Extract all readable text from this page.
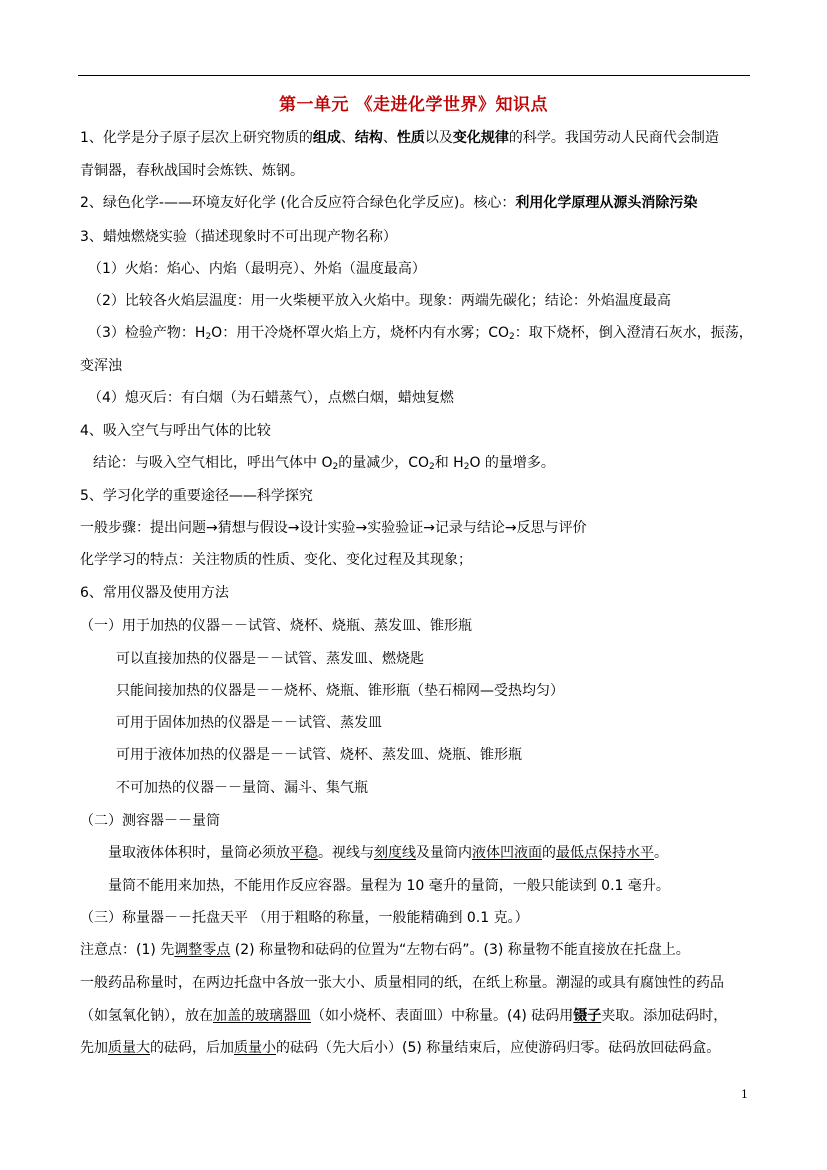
第一单元 《走进化学世界》知识点
1、化学是分子原子层次上研究物质的组成、结构、性质以及变化规律的科学。我国劳动人民商代会制造
青铜器，春秋战国时会炼铁、炼钢。
2、绿色化学-——环境友好化学 (化合反应符合绿色化学反应)。核心：利用化学原理从源头消除污染
3、蜡烛燃烧实验（描述现象时不可出现产物名称）
（1）火焰：焰心、内焰（最明亮）、外焰（温度最高）
（2）比较各火焰层温度：用一火柴梗平放入火焰中。现象：两端先碳化；结论：外焰温度最高
（3）检验产物：$H_2O$：用干冷烧杯罩火焰上方，烧杯内有水雾；$CO_2$：取下烧杯，倒入澄清石灰水，振荡，
变浑浊
（4）熄灭后：有白烟（为石蜡蒸气），点燃白烟，蜡烛复燃
4、吸入空气与呼出气体的比较
结论：与吸入空气相比，呼出气体中 $O_2$的量减少，$CO_2$和 $H_2O$ 的量增多。
5、学习化学的重要途径——科学探究
一般步骤：提出问题→猜想与假设→设计实验→实验验证→记录与结论→反思与评价
化学学习的特点：关注物质的性质、变化、变化过程及其现象；
6、常用仪器及使用方法
（一）用于加热的仪器－－试管、烧杯、烧瓶、蒸发皿、锥形瓶
可以直接加热的仪器是－－试管、蒸发皿、燃烧匙
只能间接加热的仪器是－－烧杯、烧瓶、锥形瓶（垫石棉网—受热均匀）
可用于固体加热的仪器是－－试管、蒸发皿
可用于液体加热的仪器是－－试管、烧杯、蒸发皿、烧瓶、锥形瓶
不可加热的仪器－－量筒、漏斗、集气瓶
（二）测容器－－量筒
量取液体体积时，量筒必须放平稳。视线与刻度线及量筒内液体凹液面的最低点保持水平。
量筒不能用来加热，不能用作反应容器。量程为 10 毫升的量筒，一般只能读到 0.1 毫升。
（三）称量器－－托盘天平 （用于粗略的称量，一般能精确到 0.1 克。）
注意点：(1) 先调整零点 (2) 称量物和砝码的位置为“左物右码”。(3) 称量物不能直接放在托盘上。
一般药品称量时，在两边托盘中各放一张大小、质量相同的纸，在纸上称量。潮湿的或具有腐蚀性的药品
（如氢氧化钠），放在加盖的玻璃器皿（如小烧杯、表面皿）中称量。(4) 砝码用镊子夹取。添加砝码时，
先加质量大的砝码，后加质量小的砝码（先大后小）(5) 称量结束后，应使游码归零。砝码放回砝码盒。
1
